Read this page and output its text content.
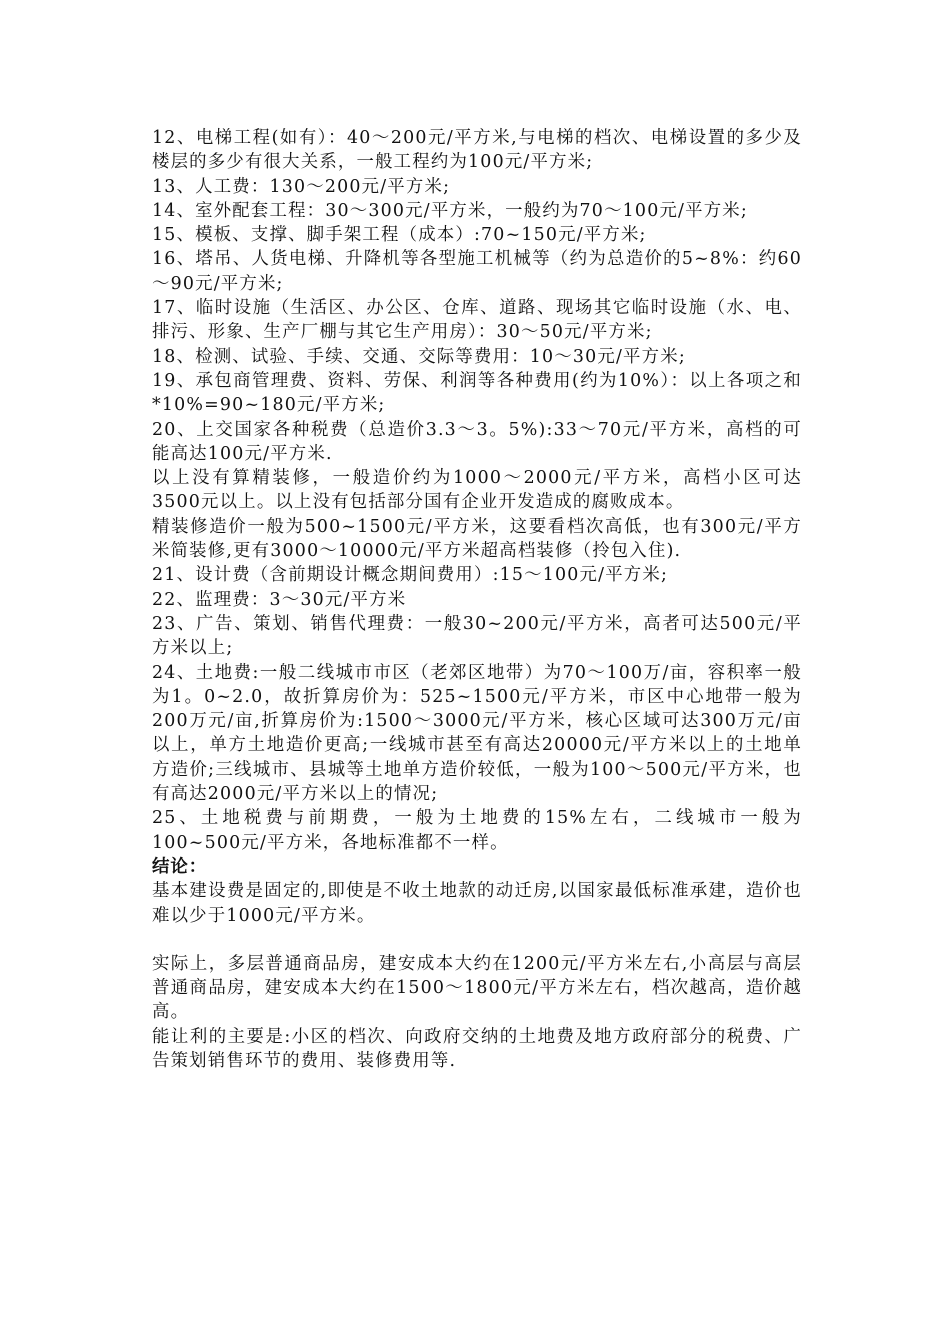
12、电梯工程(如有）：40～200元/平方米,与电梯的档次、电梯设置的多少及楼层的多少有很大关系，一般工程约为100元/平方米;

13、人工费：130～200元/平方米;

14、室外配套工程：30～300元/平方米，一般约为70～100元/平方米;

15、模板、支撑、脚手架工程（成本）:70~150元/平方米;

16、塔吊、人货电梯、升降机等各型施工机械等（约为总造价的5~8%：约60～90元/平方米;

17、临时设施（生活区、办公区、仓库、道路、现场其它临时设施（水、电、排污、形象、生产厂棚与其它生产用房）：30～50元/平方米;

18、检测、试验、手续、交通、交际等费用：10～30元/平方米;

19、承包商管理费、资料、劳保、利润等各种费用(约为10%）：以上各项之和*10%=90~180元/平方米;

20、上交国家各种税费（总造价3.3～3。5%):33～70元/平方米，高档的可能高达100元/平方米.

以上没有算精装修，一般造价约为1000～2000元/平方米，高档小区可达3500元以上。以上没有包括部分国有企业开发造成的腐败成本。

精装修造价一般为500~1500元/平方米，这要看档次高低，也有300元/平方米简装修,更有3000～10000元/平方米超高档装修（拎包入住).

21、设计费（含前期设计概念期间费用）:15～100元/平方米;

22、监理费：3～30元/平方米

23、广告、策划、销售代理费：一般30~200元/平方米，高者可达500元/平方米以上;

24、土地费:一般二线城市市区（老郊区地带）为70～100万/亩，容积率一般为1。0~2.0，故折算房价为：525~1500元/平方米，市区中心地带一般为200万元/亩,折算房价为:1500～3000元/平方米，核心区域可达300万元/亩以上，单方土地造价更高;一线城市甚至有高达20000元/平方米以上的土地单方造价;三线城市、县城等土地单方造价较低，一般为100～500元/平方米，也有高达2000元/平方米以上的情况;

25、土地税费与前期费，一般为土地费的15%左右，二线城市一般为100~500元/平方米，各地标准都不一样。

结论：

基本建设费是固定的,即使是不收土地款的动迁房,以国家最低标准承建，造价也难以少于1000元/平方米。

实际上，多层普通商品房，建安成本大约在1200元/平方米左右,小高层与高层普通商品房，建安成本大约在1500～1800元/平方米左右，档次越高，造价越高。

能让利的主要是:小区的档次、向政府交纳的土地费及地方政府部分的税费、广告策划销售环节的费用、装修费用等.
